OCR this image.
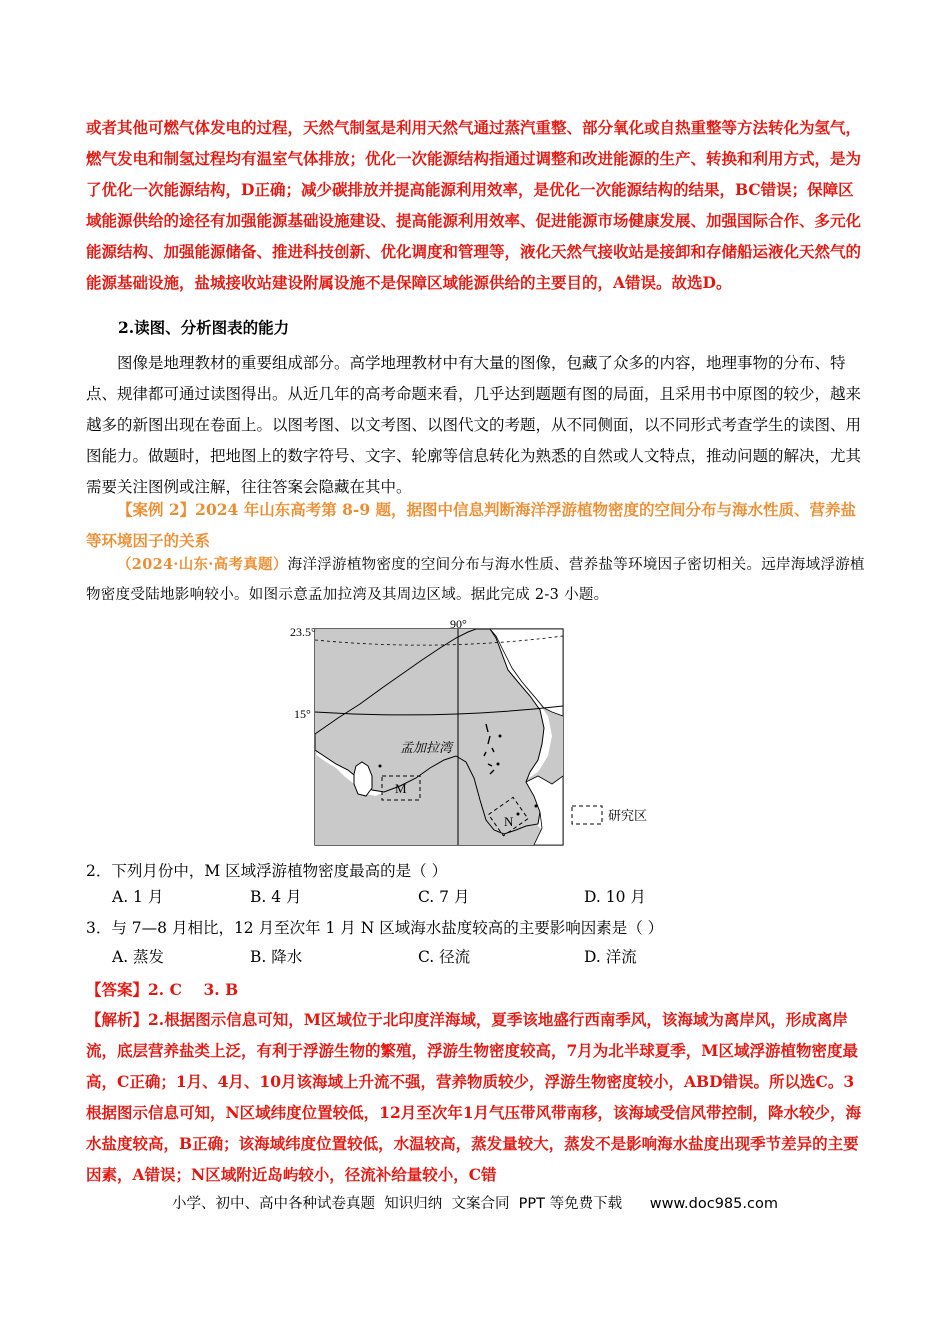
或者其他可燃气体发电的过程，天然气制氢是利用天然气通过蒸汽重整、部分氧化或自热重整等方法转化为氢气，燃气发电和制氢过程均有温室气体排放；优化一次能源结构指通过调整和改进能源的生产、转换和利用方式，是为了优化一次能源结构，D正确；减少碳排放并提高能源利用效率，是优化一次能源结构的结果，BC错误；保障区域能源供给的途径有加强能源基础设施建设、提高能源利用效率、促进能源市场健康发展、加强国际合作、多元化能源结构、加强能源储备、推进科技创新、优化调度和管理等，液化天然气接收站是接卸和存储船运液化天然气的能源基础设施，盐城接收站建设附属设施不是保障区域能源供给的主要目的，A错误。故选D。
2.读图、分析图表的能力
图像是地理教材的重要组成部分。高学地理教材中有大量的图像，包藏了众多的内容，地理事物的分布、特点、规律都可通过读图得出。从近几年的高考命题来看，几乎达到题题有图的局面，且采用书中原图的较少，越来越多的新图出现在卷面上。以图考图、以文考图、以图代文的考题，从不同侧面，以不同形式考查学生的读图、用图能力。做题时，把地图上的数字符号、文字、轮廓等信息转化为熟悉的自然或人文特点，推动问题的解决，尤其需要关注图例或注解，往往答案会隐藏在其中。
【案例 2】2024 年山东高考第 8-9 题，据图中信息判断海洋浮游植物密度的空间分布与海水性质、营养盐等环境因子的关系
（2024·山东·高考真题）海洋浮游植物密度的空间分布与海水性质、营养盐等环境因子密切相关。远岸海域浮游植物密度受陆地影响较小。如图示意孟加拉湾及其周边区域。据此完成 2-3 小题。
23.5°
90°
15°
孟加拉湾
M
N	研究区
2．下列月份中，M 区域浮游植物密度最高的是（ ）
A. 1 月	B. 4 月	C. 7 月	D. 10 月
3．与 7—8 月相比，12 月至次年 1 月 N 区域海水盐度较高的主要影响因素是（ ）
A. 蒸发	B. 降水	C. 径流	D. 洋流
【答案】2. C    3. B
【解析】2.根据图示信息可知，M区域位于北印度洋海域，夏季该地盛行西南季风，该海域为离岸风，形成离岸流，底层营养盐类上泛，有利于浮游生物的繁殖，浮游生物密度较高，7月为北半球夏季，M区域浮游植物密度最高，C正确；1月、4月、10月该海域上升流不强，营养物质较少，浮游生物密度较小，ABD错误。所以选C。3根据图示信息可知，N区域纬度位置较低，12月至次年1月气压带风带南移，该海域受信风带控制，降水较少，海水盐度较高，B正确；该海域纬度位置较低，水温较高，蒸发量较大，蒸发不是影响海水盐度出现季节差异的主要因素，A错误；N区域附近岛屿较小，径流补给量较小，C错
小学、初中、高中各种试卷真题  知识归纳  文案合同  PPT 等免费下载      www.doc985.com
